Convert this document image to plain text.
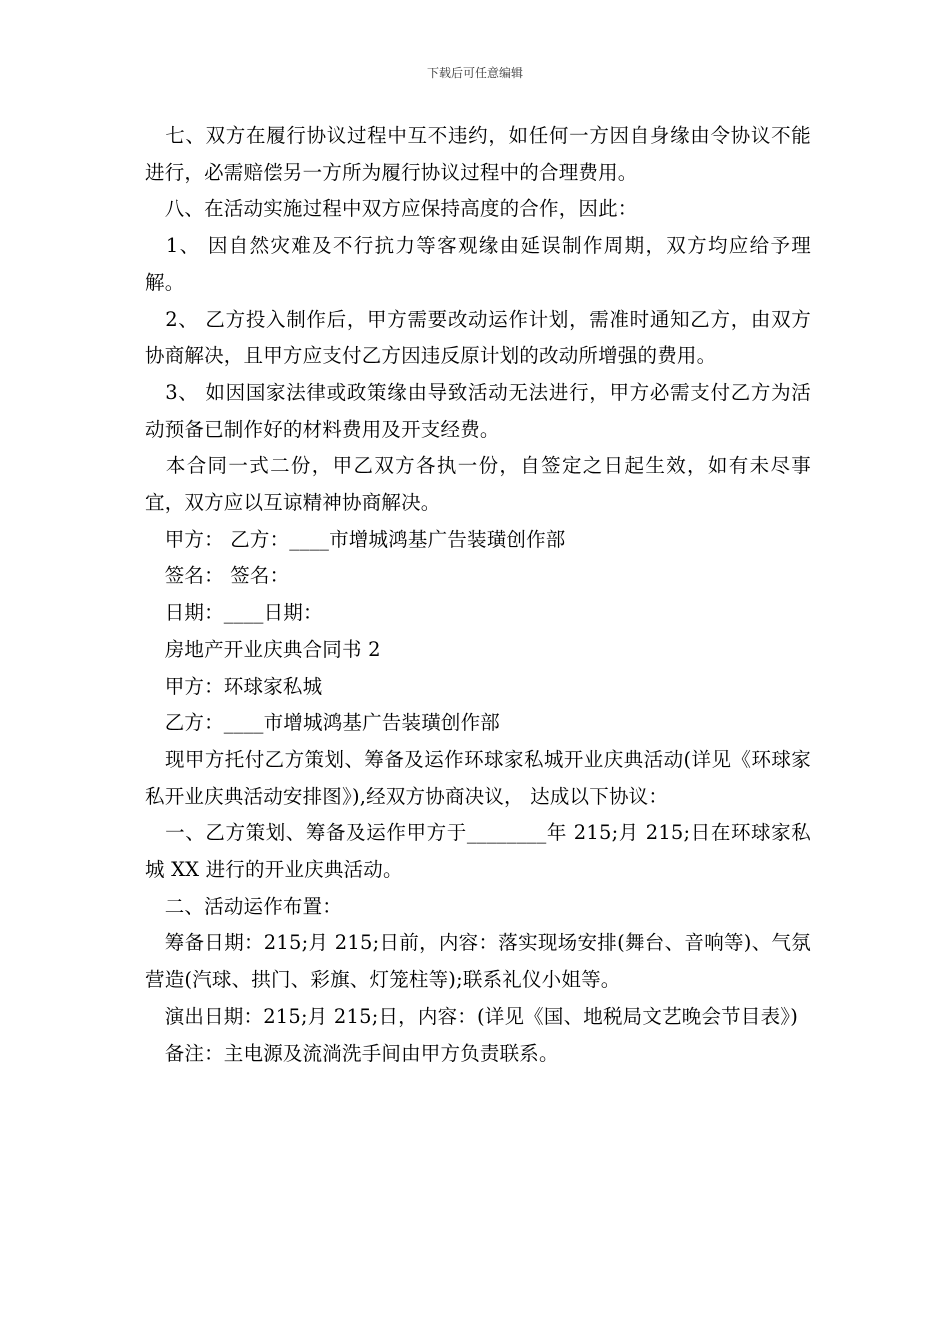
下载后可任意编辑

　七、双方在履行协议过程中互不违约，如任何一方因自身缘由令协议不能进行，必需赔偿另一方所为履行协议过程中的合理费用。

　八、在活动实施过程中双方应保持高度的合作，因此：

　1、 因自然灾难及不行抗力等客观缘由延误制作周期，双方均应给予理解。

　2、 乙方投入制作后，甲方需要改动运作计划，需准时通知乙方，由双方协商解决，且甲方应支付乙方因违反原计划的改动所增强的费用。

　3、 如因国家法律或政策缘由导致活动无法进行，甲方必需支付乙方为活动预备已制作好的材料费用及开支经费。

　本合同一式二份，甲乙双方各执一份，自签定之日起生效，如有未尽事宜，双方应以互谅精神协商解决。

　甲方： 乙方：____市增城鸿基广告装璜创作部

　签名： 签名：

　日期：____日期：

　房地产开业庆典合同书 2

　甲方：环球家私城

　乙方：____市增城鸿基广告装璜创作部

　现甲方托付乙方策划、筹备及运作环球家私城开业庆典活动(详见《环球家私开业庆典活动安排图》),经双方协商决议， 达成以下协议：

　一、乙方策划、筹备及运作甲方于________年 215;月 215;日在环球家私城 XX 进行的开业庆典活动。

　二、活动运作布置：

　筹备日期：215;月 215;日前，内容：落实现场安排(舞台、音响等)、气氛营造(汽球、拱门、彩旗、灯笼柱等);联系礼仪小姐等。

　演出日期：215;月 215;日，内容：(详见《国、地税局文艺晚会节目表》)

　备注：主电源及流淌洗手间由甲方负责联系。
